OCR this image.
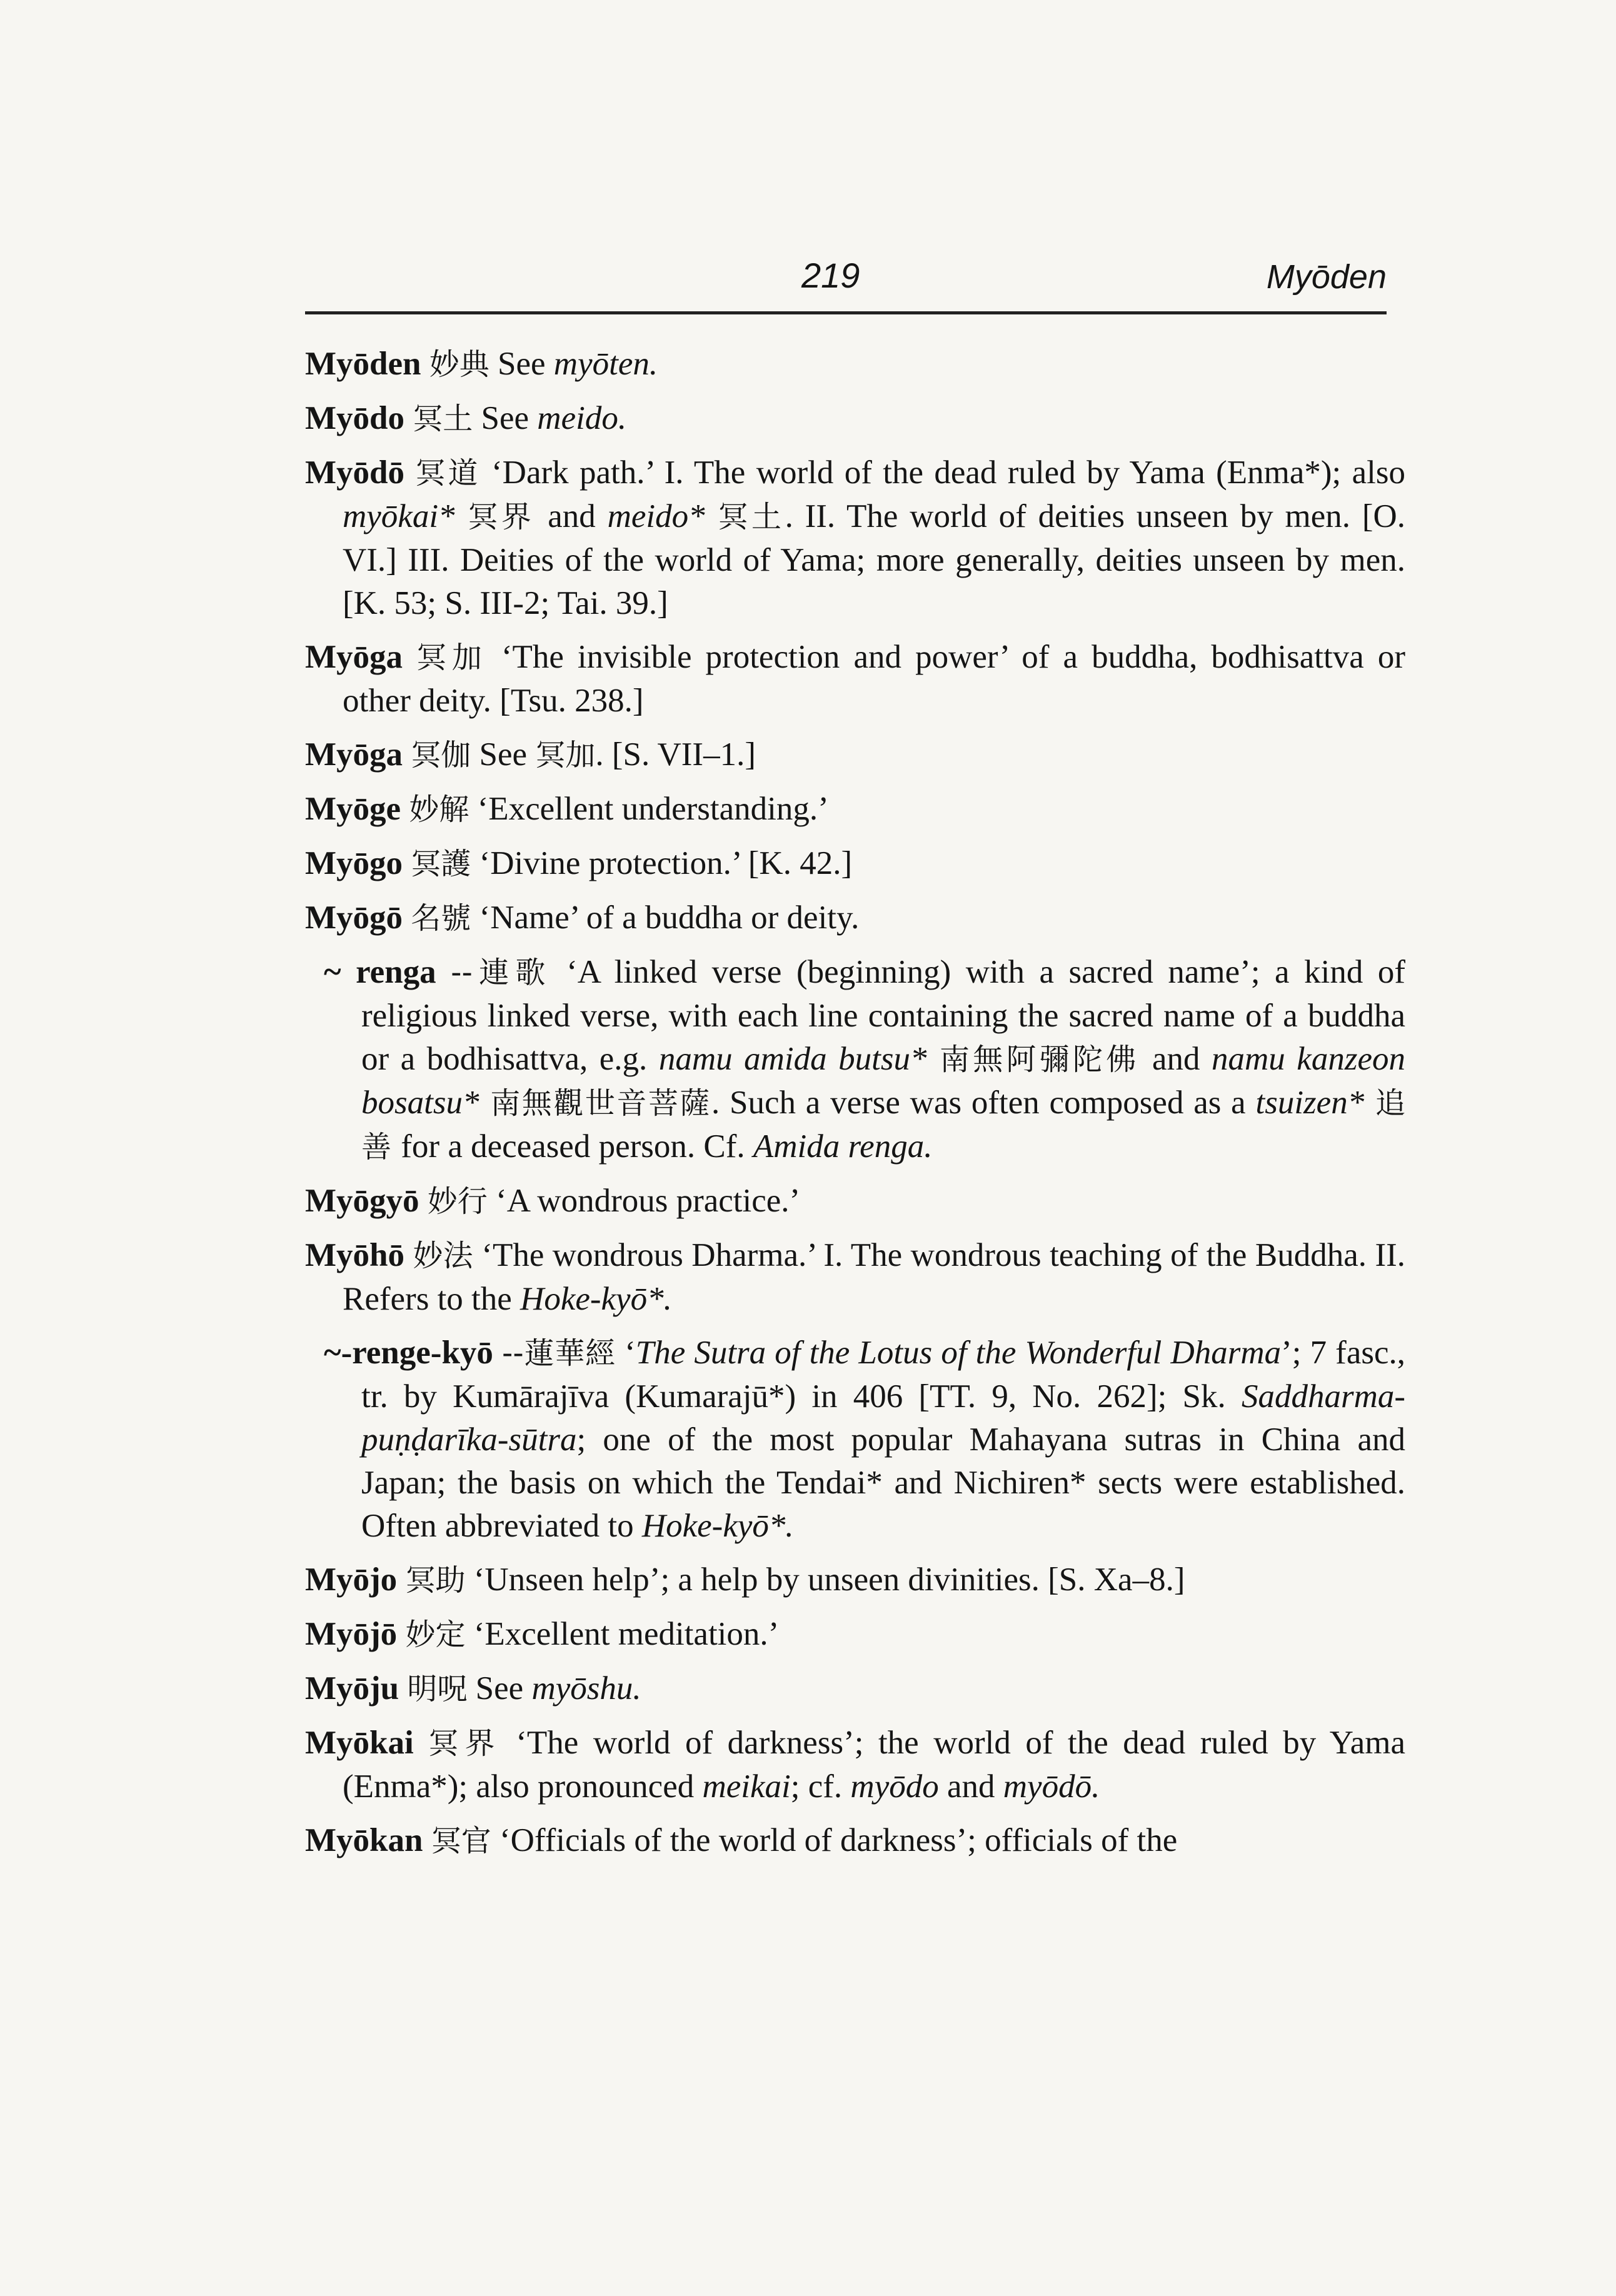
219	Myōden

Myōden 妙典 See myōten.

Myōdo 冥土 See meido.

Myōdō 冥道 ‘Dark path.’ I. The world of the dead ruled by Yama (Enma*); also myōkai* 冥界 and meido* 冥土. II. The world of deities unseen by men. [O. VI.] III. Deities of the world of Yama; more generally, deities unseen by men. [K. 53; S. III-2; Tai. 39.]

Myōga 冥加 ‘The invisible protection and power’ of a buddha, bodhisattva or other deity. [Tsu. 238.]

Myōga 冥伽 See 冥加. [S. VII–1.]

Myōge 妙解 ‘Excellent understanding.’

Myōgo 冥護 ‘Divine protection.’ [K. 42.]

Myōgō 名號 ‘Name’ of a buddha or deity.

~ renga --連歌 ‘A linked verse (beginning) with a sacred name’; a kind of religious linked verse, with each line containing the sacred name of a buddha or a bodhisattva, e.g. namu amida butsu* 南無阿彌陀佛 and namu kanzeon bosatsu* 南無觀世音菩薩. Such a verse was often composed as a tsuizen* 追善 for a deceased person. Cf. Amida renga.

Myōgyō 妙行 ‘A wondrous practice.’

Myōhō 妙法 ‘The wondrous Dharma.’ I. The wondrous teaching of the Buddha. II. Refers to the Hoke-kyō*.

~-renge-kyō --蓮華經 ‘The Sutra of the Lotus of the Wonderful Dharma’; 7 fasc., tr. by Kumārajīva (Kumarajū*) in 406 [TT. 9, No. 262]; Sk. Saddharma-puṇḍarīka-sūtra; one of the most popular Mahayana sutras in China and Japan; the basis on which the Tendai* and Nichiren* sects were established. Often abbreviated to Hoke-kyō*.

Myōjo 冥助 ‘Unseen help’; a help by unseen divinities. [S. Xa–8.]

Myōjō 妙定 ‘Excellent meditation.’

Myōju 明呪 See myōshu.

Myōkai 冥界 ‘The world of darkness’; the world of the dead ruled by Yama (Enma*); also pronounced meikai; cf. myōdo and myōdō.

Myōkan 冥官 ‘Officials of the world of darkness’; officials of the
